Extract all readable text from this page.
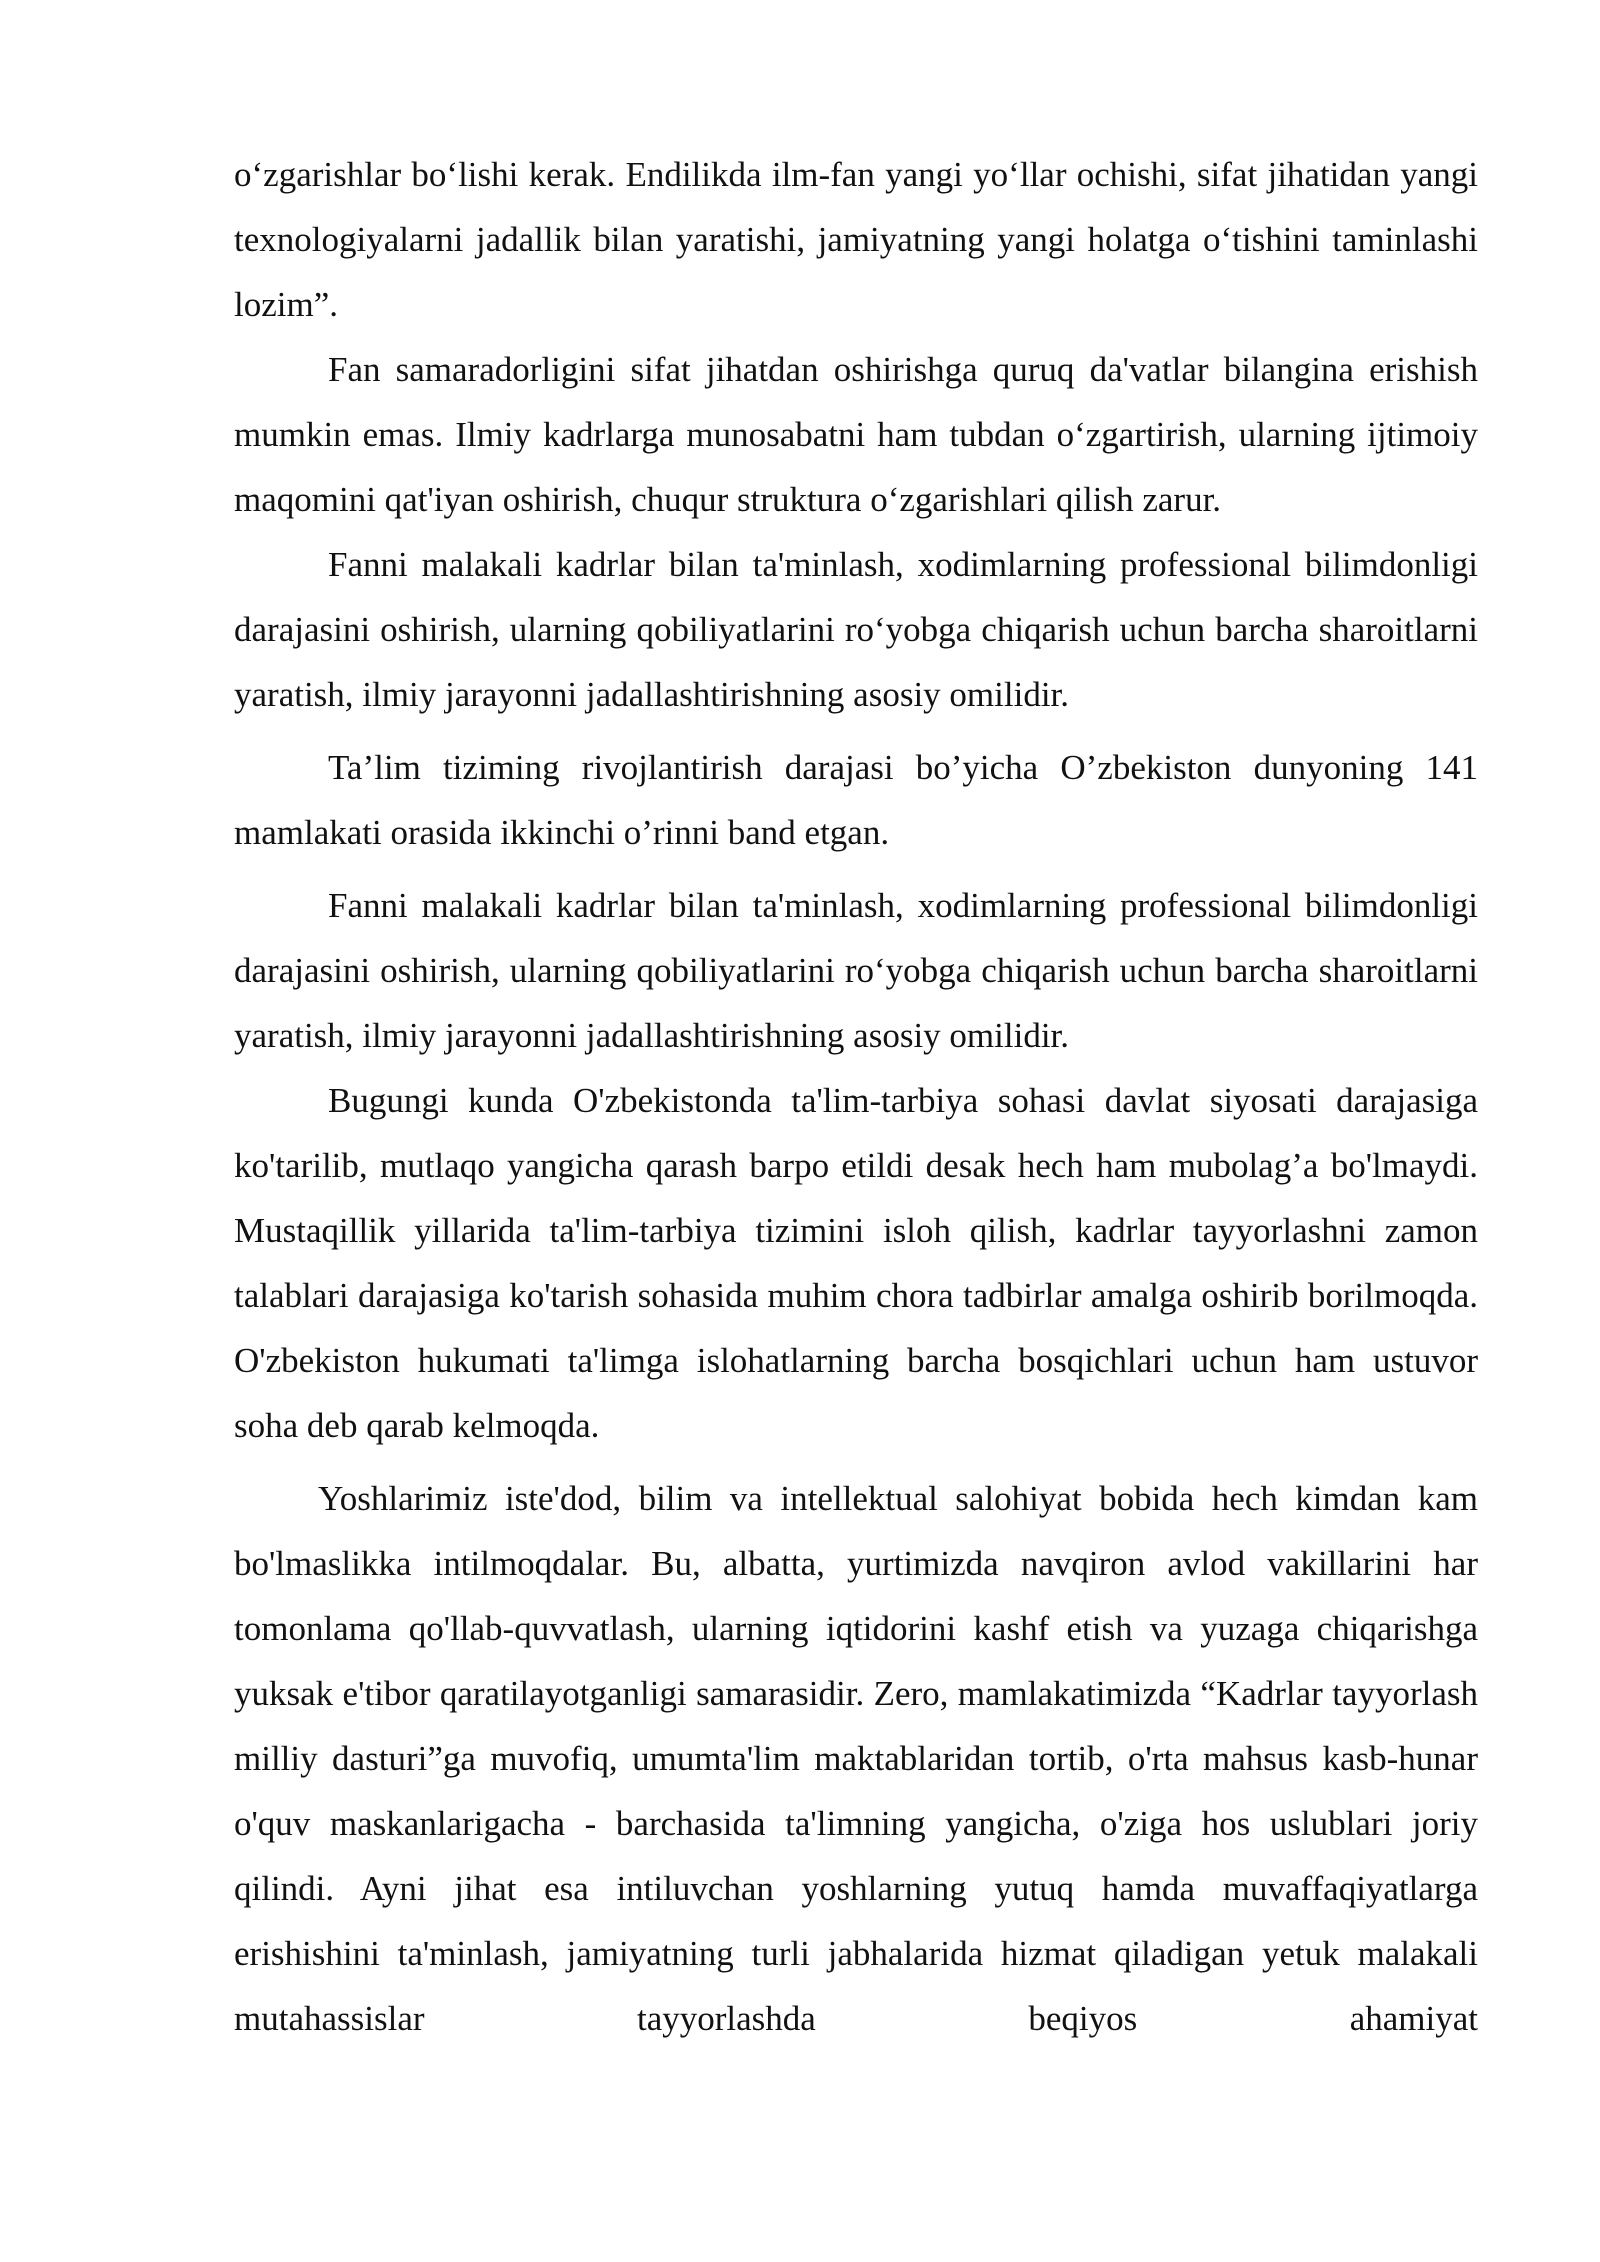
o‘zgarishlar bo‘lishi kerak. Endilikda ilm-fan yangi yo‘llar ochishi, sifat jihatidan yangi texnologiyalarni jadallik bilan yaratishi, jamiyatning yangi holatga o‘tishini taminlashi lozim”.

Fan samaradorligini sifat jihatdan oshirishga quruq da'vatlar bilangina erishish mumkin emas. Ilmiy kadrlarga munosabatni ham tubdan o‘zgartirish, ularning ijtimoiy maqomini qat'iyan oshirish, chuqur struktura o‘zgarishlari qilish zarur.

Fanni malakali kadrlar bilan ta'minlash, xodimlarning professional bilimdonligi darajasini oshirish, ularning qobiliyatlarini ro‘yobga chiqarish uchun barcha sharoitlarni yaratish, ilmiy jarayonni jadallashtirishning asosiy omilidir.

Ta’lim tiziming rivojlantirish darajasi bo’yicha O’zbekiston dunyoning 141 mamlakati orasida ikkinchi o’rinni band etgan.

Fanni malakali kadrlar bilan ta'minlash, xodimlarning professional bilimdonligi darajasini oshirish, ularning qobiliyatlarini ro‘yobga chiqarish uchun barcha sharoitlarni yaratish, ilmiy jarayonni jadallashtirishning asosiy omilidir.

Bugungi kunda O'zbekistonda ta'lim-tarbiya sohasi davlat siyosati darajasiga ko'tarilib, mutlaqo yangicha qarash barpo etildi desak hech ham mubolag’a bo'lmaydi. Mustaqillik yillarida ta'lim-tarbiya tizimini isloh qilish, kadrlar tayyorlashni zamon talablari darajasiga ko'tarish sohasida muhim chora tadbirlar amalga oshirib borilmoqda. O'zbekiston hukumati ta'limga islohatlarning barcha bosqichlari uchun ham ustuvor soha deb qarab kelmoqda.

Yoshlarimiz iste'dod, bilim va intellektual salohiyat bobida hech kimdan kam bo'lmaslikka intilmoqdalar. Bu, albatta, yurtimizda navqiron avlod vakillarini har tomonlama qo'llab-quvvatlash, ularning iqtidorini kashf etish va yuzaga chiqarishga yuksak e'tibor qaratilayotganligi samarasidir. Zero, mamlakatimizda “Kadrlar tayyorlash milliy dasturi”ga muvofiq, umumta'lim maktablaridan tortib, o'rta mahsus kasb-hunar o'quv maskanlarigacha - barchasida ta'limning yangicha, o'ziga hos uslublari joriy qilindi. Ayni jihat esa intiluvchan yoshlarning yutuq hamda muvaffaqiyatlarga erishishini ta'minlash, jamiyatning turli jabhalarida hizmat qiladigan yetuk malakali mutahassislar tayyorlashda beqiyos ahamiyat
